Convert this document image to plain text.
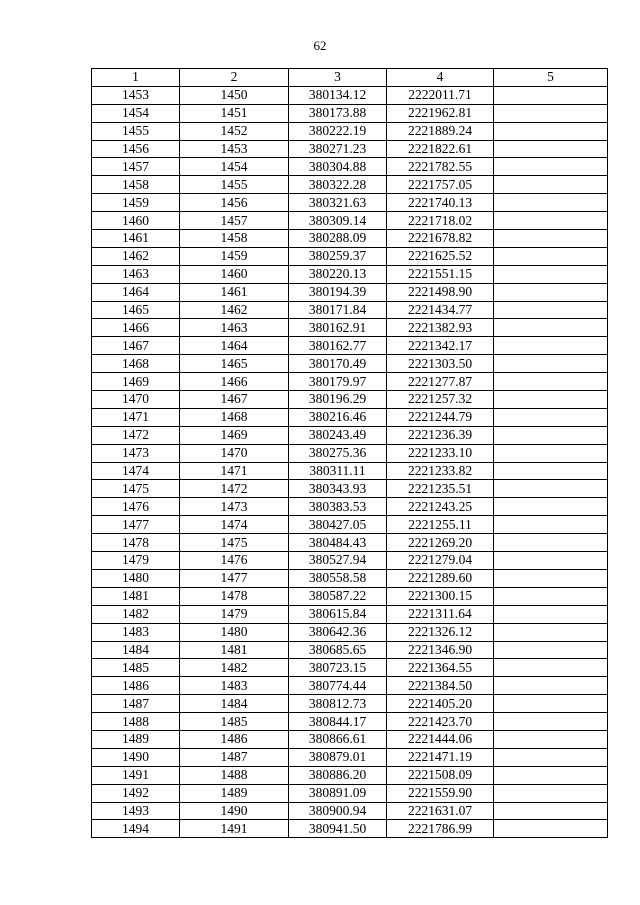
62
1	2	3	4	5
1453	1450	380134.12	2222011.71	
1454	1451	380173.88	2221962.81	
1455	1452	380222.19	2221889.24	
1456	1453	380271.23	2221822.61	
1457	1454	380304.88	2221782.55	
1458	1455	380322.28	2221757.05	
1459	1456	380321.63	2221740.13	
1460	1457	380309.14	2221718.02	
1461	1458	380288.09	2221678.82	
1462	1459	380259.37	2221625.52	
1463	1460	380220.13	2221551.15	
1464	1461	380194.39	2221498.90	
1465	1462	380171.84	2221434.77	
1466	1463	380162.91	2221382.93	
1467	1464	380162.77	2221342.17	
1468	1465	380170.49	2221303.50	
1469	1466	380179.97	2221277.87	
1470	1467	380196.29	2221257.32	
1471	1468	380216.46	2221244.79	
1472	1469	380243.49	2221236.39	
1473	1470	380275.36	2221233.10	
1474	1471	380311.11	2221233.82	
1475	1472	380343.93	2221235.51	
1476	1473	380383.53	2221243.25	
1477	1474	380427.05	2221255.11	
1478	1475	380484.43	2221269.20	
1479	1476	380527.94	2221279.04	
1480	1477	380558.58	2221289.60	
1481	1478	380587.22	2221300.15	
1482	1479	380615.84	2221311.64	
1483	1480	380642.36	2221326.12	
1484	1481	380685.65	2221346.90	
1485	1482	380723.15	2221364.55	
1486	1483	380774.44	2221384.50	
1487	1484	380812.73	2221405.20	
1488	1485	380844.17	2221423.70	
1489	1486	380866.61	2221444.06	
1490	1487	380879.01	2221471.19	
1491	1488	380886.20	2221508.09	
1492	1489	380891.09	2221559.90	
1493	1490	380900.94	2221631.07	
1494	1491	380941.50	2221786.99	
